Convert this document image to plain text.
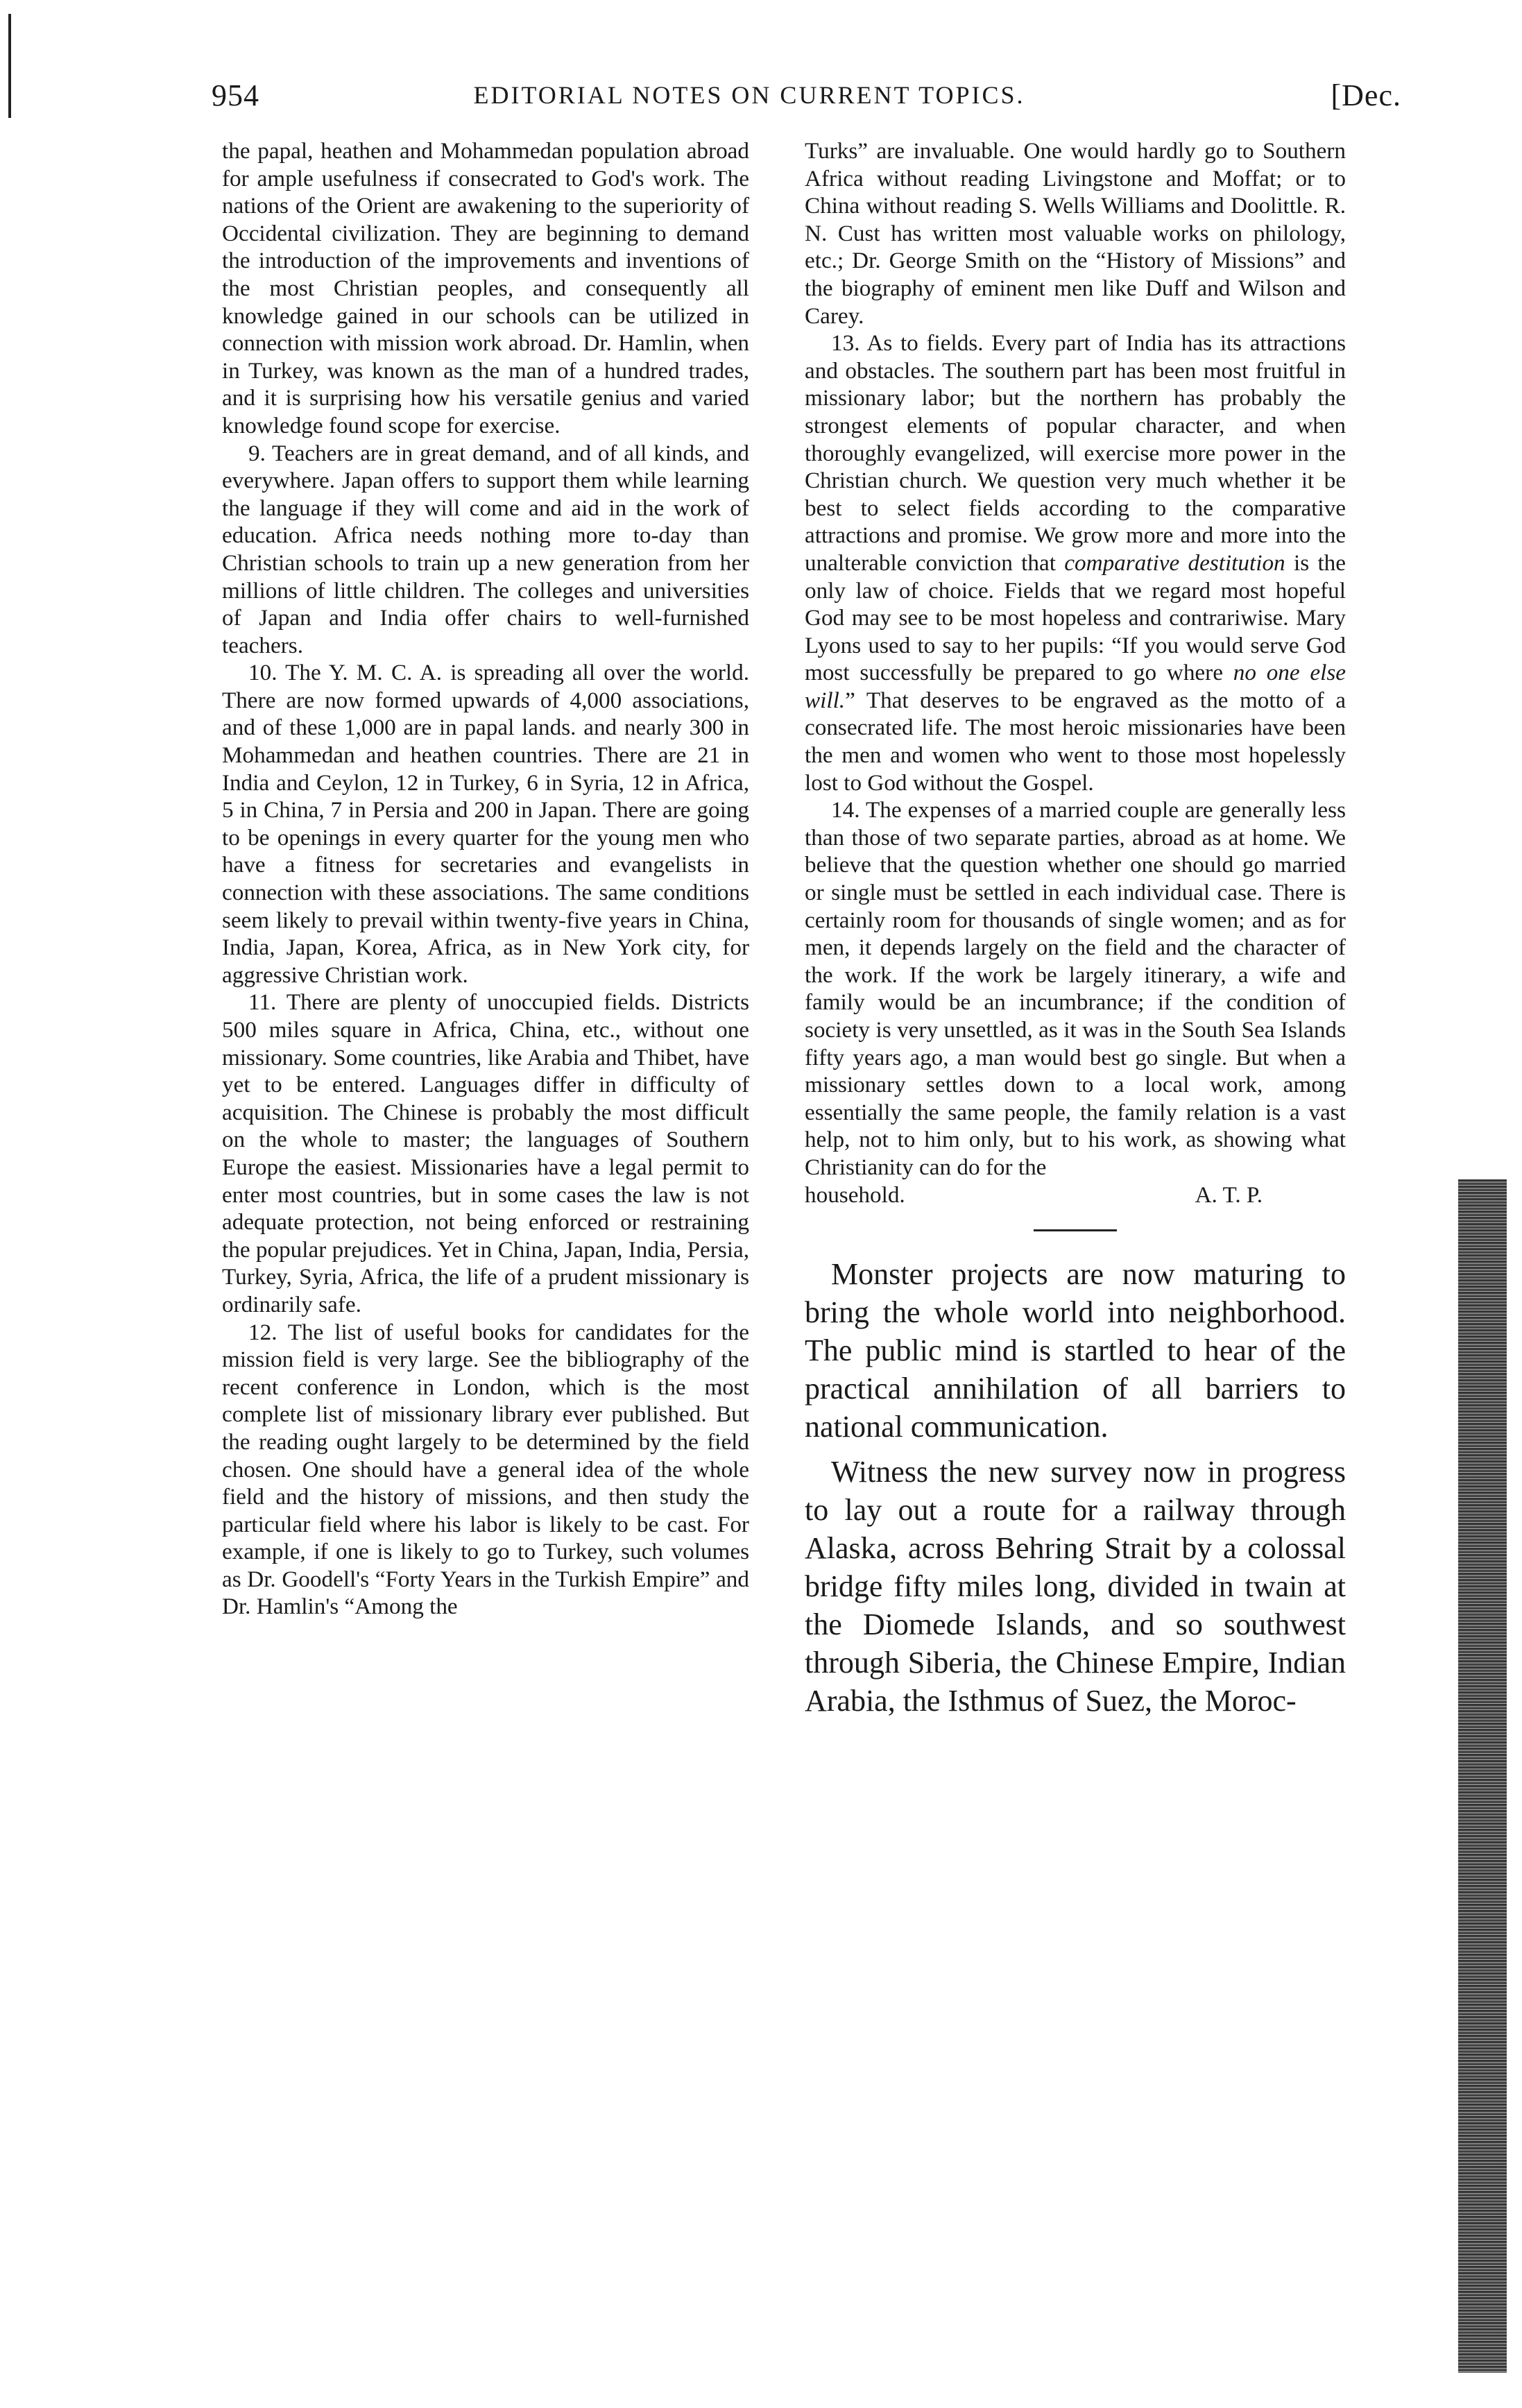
954	EDITORIAL NOTES ON CURRENT TOPICS.	[Dec.

the papal, heathen and Mohammedan population abroad for ample usefulness if consecrated to God's work. The nations of the Orient are awakening to the superiority of Occidental civilization. They are beginning to demand the introduction of the improvements and inventions of the most Christian peoples, and consequently all knowledge gained in our schools can be utilized in connection with mission work abroad. Dr. Hamlin, when in Turkey, was known as the man of a hundred trades, and it is surprising how his versatile genius and varied knowledge found scope for exercise.

9. Teachers are in great demand, and of all kinds, and everywhere. Japan offers to support them while learning the language if they will come and aid in the work of education. Africa needs nothing more to-day than Christian schools to train up a new generation from her millions of little children. The colleges and universities of Japan and India offer chairs to well-furnished teachers.

10. The Y. M. C. A. is spreading all over the world. There are now formed upwards of 4,000 associations, and of these 1,000 are in papal lands. and nearly 300 in Mohammedan and heathen countries. There are 21 in India and Ceylon, 12 in Turkey, 6 in Syria, 12 in Africa, 5 in China, 7 in Persia and 200 in Japan. There are going to be openings in every quarter for the young men who have a fitness for secretaries and evangelists in connection with these associations. The same conditions seem likely to prevail within twenty-five years in China, India, Japan, Korea, Africa, as in New York city, for aggressive Christian work.

11. There are plenty of unoccupied fields. Districts 500 miles square in Africa, China, etc., without one missionary. Some countries, like Arabia and Thibet, have yet to be entered. Languages differ in difficulty of acquisition. The Chinese is probably the most difficult on the whole to master; the languages of Southern Europe the easiest. Missionaries have a legal permit to enter most countries, but in some cases the law is not adequate protection, not being enforced or restraining the popular prejudices. Yet in China, Japan, India, Persia, Turkey, Syria, Africa, the life of a prudent missionary is ordinarily safe.

12. The list of useful books for candidates for the mission field is very large. See the bibliography of the recent conference in London, which is the most complete list of missionary library ever published. But the reading ought largely to be determined by the field chosen. One should have a general idea of the whole field and the history of missions, and then study the particular field where his labor is likely to be cast. For example, if one is likely to go to Turkey, such volumes as Dr. Goodell's “Forty Years in the Turkish Empire” and Dr. Hamlin's “Among the

Turks” are invaluable. One would hardly go to Southern Africa without reading Livingstone and Moffat; or to China without reading S. Wells Williams and Doolittle. R. N. Cust has written most valuable works on philology, etc.; Dr. George Smith on the “History of Missions” and the biography of eminent men like Duff and Wilson and Carey.

13. As to fields. Every part of India has its attractions and obstacles. The southern part has been most fruitful in missionary labor; but the northern has probably the strongest elements of popular character, and when thoroughly evangelized, will exercise more power in the Christian church. We question very much whether it be best to select fields according to the comparative attractions and promise. We grow more and more into the unalterable conviction that comparative destitution is the only law of choice. Fields that we regard most hopeful God may see to be most hopeless and contrariwise. Mary Lyons used to say to her pupils: “If you would serve God most successfully be prepared to go where no one else will.” That deserves to be engraved as the motto of a consecrated life. The most heroic missionaries have been the men and women who went to those most hopelessly lost to God without the Gospel.

14. The expenses of a married couple are generally less than those of two separate parties, abroad as at home. We believe that the question whether one should go married or single must be settled in each individual case. There is certainly room for thousands of single women; and as for men, it depends largely on the field and the character of the work. If the work be largely itinerary, a wife and family would be an incumbrance; if the condition of society is very unsettled, as it was in the South Sea Islands fifty years ago, a man would best go single. But when a missionary settles down to a local work, among essentially the same people, the family relation is a vast help, not to him only, but to his work, as showing what Christianity can do for the

household.	A. T. P.

Monster projects are now maturing to bring the whole world into neighborhood. The public mind is startled to hear of the practical annihilation of all barriers to national communication.

Witness the new survey now in progress to lay out a route for a railway through Alaska, across Behring Strait by a colossal bridge fifty miles long, divided in twain at the Diomede Islands, and so southwest through Siberia, the Chinese Empire, Indian Arabia, the Isthmus of Suez, the Moroc-
